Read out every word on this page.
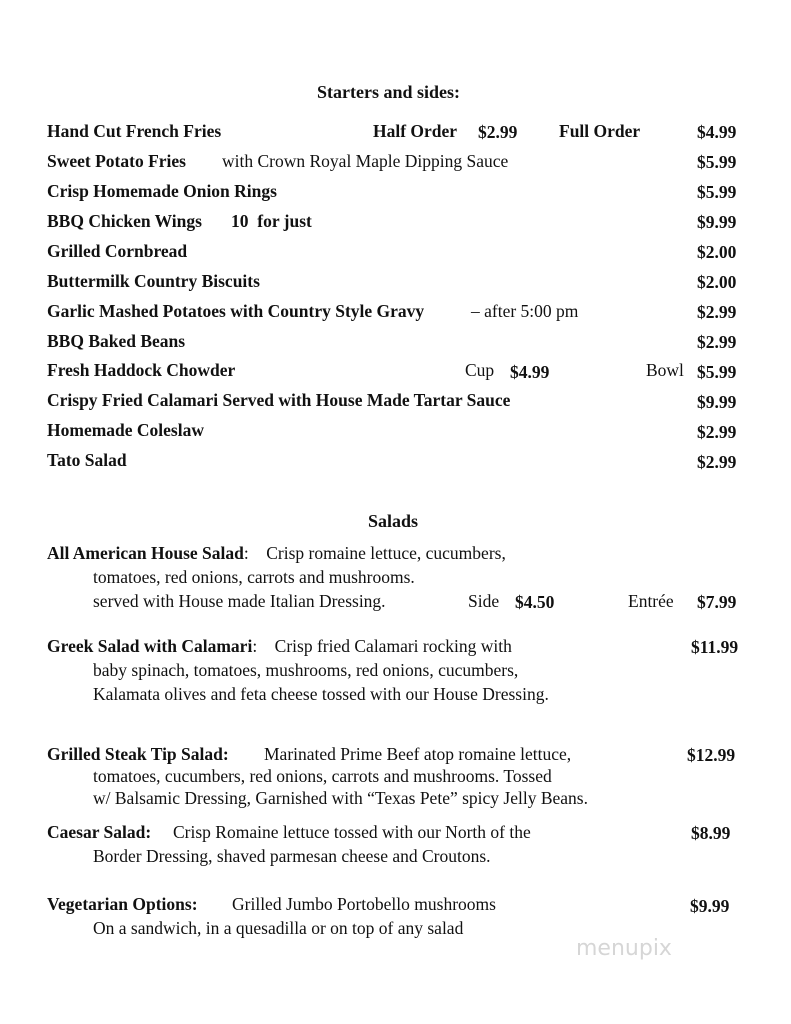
Starters and sides:
Hand Cut French Fries	Half Order $2.99 Full Order	$4.99
Sweet Potato Fries with Crown Royal Maple Dipping Sauce	$5.99
Crisp Homemade Onion Rings	$5.99
BBQ Chicken Wings 10  for just	$9.99
Grilled Cornbread	$2.00
Buttermilk Country Biscuits	$2.00
Garlic Mashed Potatoes with Country Style Gravy	– after 5:00 pm	$2.99
BBQ Baked Beans	$2.99
Fresh Haddock Chowder	Cup $4.99	Bowl $5.99
Crispy Fried Calamari Served with House Made Tartar Sauce	$9.99
Homemade Coleslaw	$2.99
Tato Salad	$2.99
Salads
All American House Salad:    Crisp romaine lettuce, cucumbers,
tomatoes, red onions, carrots and mushrooms.
served with House made Italian Dressing.	Side $4.50	Entrée $7.99
Greek Salad with Calamari:    Crisp fried Calamari rocking with	$11.99
baby spinach, tomatoes, mushrooms, red onions, cucumbers,
Kalamata olives and feta cheese tossed with our House Dressing.
Grilled Steak Tip Salad: Marinated Prime Beef atop romaine lettuce,	$12.99
tomatoes, cucumbers, red onions, carrots and mushrooms. Tossed
w/ Balsamic Dressing, Garnished with “Texas Pete” spicy Jelly Beans.
Caesar Salad: Crisp Romaine lettuce tossed with our North of the	$8.99
Border Dressing, shaved parmesan cheese and Croutons.
Vegetarian Options: Grilled Jumbo Portobello mushrooms	$9.99
On a sandwich, in a quesadilla or on top of any salad
menupix
